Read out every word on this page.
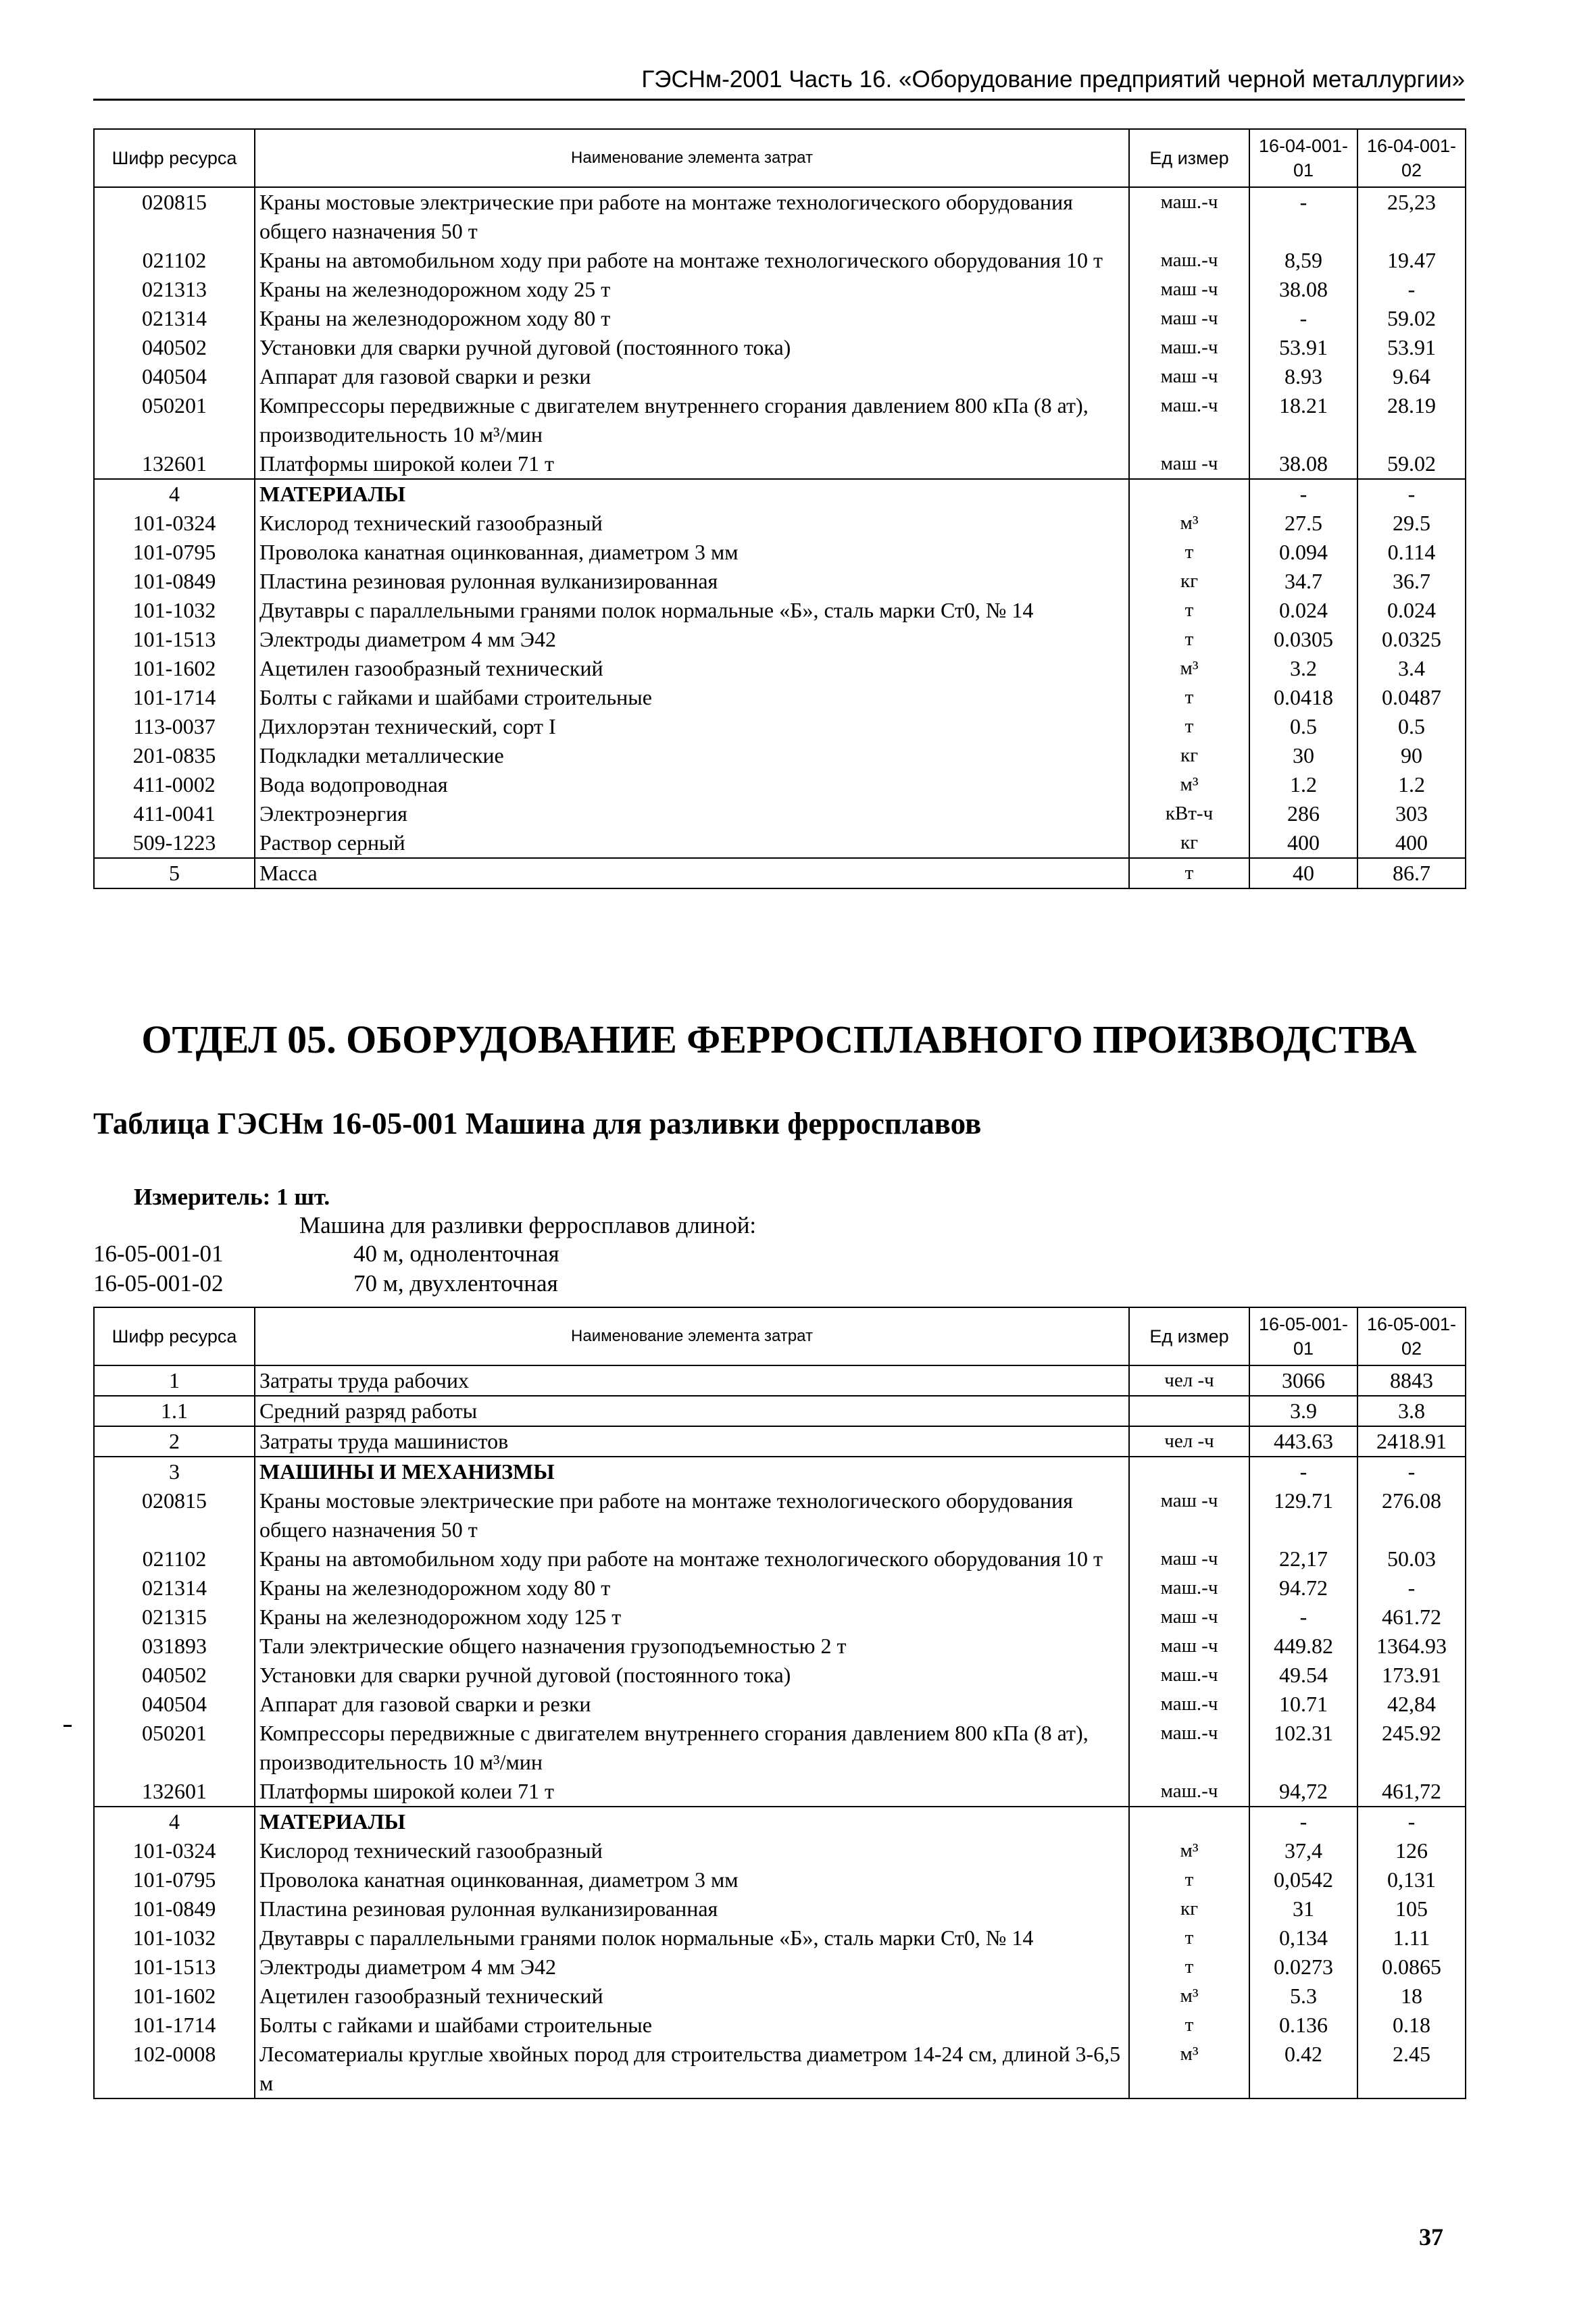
ГЭСНм-2001 Часть 16. «Оборудование предприятий черной металлургии»
Шифр ресурса	Наименование элемента затрат	Ед измер	16-04-001-01	16-04-001-02
020815	Краны мостовые электрические при работе на монтаже технологического оборудования общего назначения 50 т	маш.-ч	-	25,23
021102	Краны на автомобильном ходу при работе на монтаже технологического оборудования 10 т	маш.-ч	8,59	19.47
021313	Краны на железнодорожном ходу 25 т	маш -ч	38.08	-
021314	Краны на железнодорожном ходу 80 т	маш -ч	-	59.02
040502	Установки для сварки ручной дуговой (постоянного тока)	маш.-ч	53.91	53.91
040504	Аппарат для газовой сварки и резки	маш -ч	8.93	9.64
050201	Компрессоры передвижные с двигателем внутреннего сгорания давлением 800 кПа (8 ат), производительность 10 м³/мин	маш.-ч	18.21	28.19
132601	Платформы широкой колеи 71 т	маш -ч	38.08	59.02
4	МАТЕРИАЛЫ		-	-
101-0324	Кислород технический газообразный	м³	27.5	29.5
101-0795	Проволока канатная оцинкованная, диаметром 3 мм	т	0.094	0.114
101-0849	Пластина резиновая рулонная вулканизированная	кг	34.7	36.7
101-1032	Двутавры с параллельными гранями полок нормальные «Б», сталь марки Ст0, № 14	т	0.024	0.024
101-1513	Электроды диаметром 4 мм Э42	т	0.0305	0.0325
101-1602	Ацетилен газообразный технический	м³	3.2	3.4
101-1714	Болты с гайками и шайбами строительные	т	0.0418	0.0487
113-0037	Дихлорэтан технический, сорт I	т	0.5	0.5
201-0835	Подкладки металлические	кг	30	90
411-0002	Вода водопроводная	м³	1.2	1.2
411-0041	Электроэнергия	кВт-ч	286	303
509-1223	Раствор серный	кг	400	400
5	Масса	т	40	86.7
ОТДЕЛ 05. ОБОРУДОВАНИЕ ФЕРРОСПЛАВНОГО ПРОИЗВОДСТВА
Таблица ГЭСНм 16-05-001 Машина для разливки ферросплавов
Измеритель: 1 шт.
Машина для разливки ферросплавов длиной:
16-05-001-01	40 м, одноленточная
16-05-001-02	70 м, двухленточная
Шифр ресурса	Наименование элемента затрат	Ед измер	16-05-001-01	16-05-001-02
1	Затраты труда рабочих	чел -ч	3066	8843
1.1	Средний разряд работы		3.9	3.8
2	Затраты труда машинистов	чел -ч	443.63	2418.91
3	МАШИНЫ И МЕХАНИЗМЫ		-	-
020815	Краны мостовые электрические при работе на монтаже технологического оборудования общего назначения 50 т	маш -ч	129.71	276.08
021102	Краны на автомобильном ходу при работе на монтаже технологического оборудования 10 т	маш -ч	22,17	50.03
021314	Краны на железнодорожном ходу 80 т	маш.-ч	94.72	-
021315	Краны на железнодорожном ходу 125 т	маш -ч	-	461.72
031893	Тали электрические общего назначения грузоподъемностью 2 т	маш -ч	449.82	1364.93
040502	Установки для сварки ручной дуговой (постоянного тока)	маш.-ч	49.54	173.91
040504	Аппарат для газовой сварки и резки	маш.-ч	10.71	42,84
050201	Компрессоры передвижные с двигателем внутреннего сгорания давлением 800 кПа (8 ат), производительность 10 м³/мин	маш.-ч	102.31	245.92
132601	Платформы широкой колеи 71 т	маш.-ч	94,72	461,72
4	МАТЕРИАЛЫ		-	-
101-0324	Кислород технический газообразный	м³	37,4	126
101-0795	Проволока канатная оцинкованная, диаметром 3 мм	т	0,0542	0,131
101-0849	Пластина резиновая рулонная вулканизированная	кг	31	105
101-1032	Двутавры с параллельными гранями полок нормальные «Б», сталь марки Ст0, № 14	т	0,134	1.11
101-1513	Электроды диаметром 4 мм Э42	т	0.0273	0.0865
101-1602	Ацетилен газообразный технический	м³	5.3	18
101-1714	Болты с гайками и шайбами строительные	т	0.136	0.18
102-0008	Лесоматериалы круглые хвойных пород для строительства диаметром 14-24 см, длиной 3-6,5 м	м³	0.42	2.45
37
